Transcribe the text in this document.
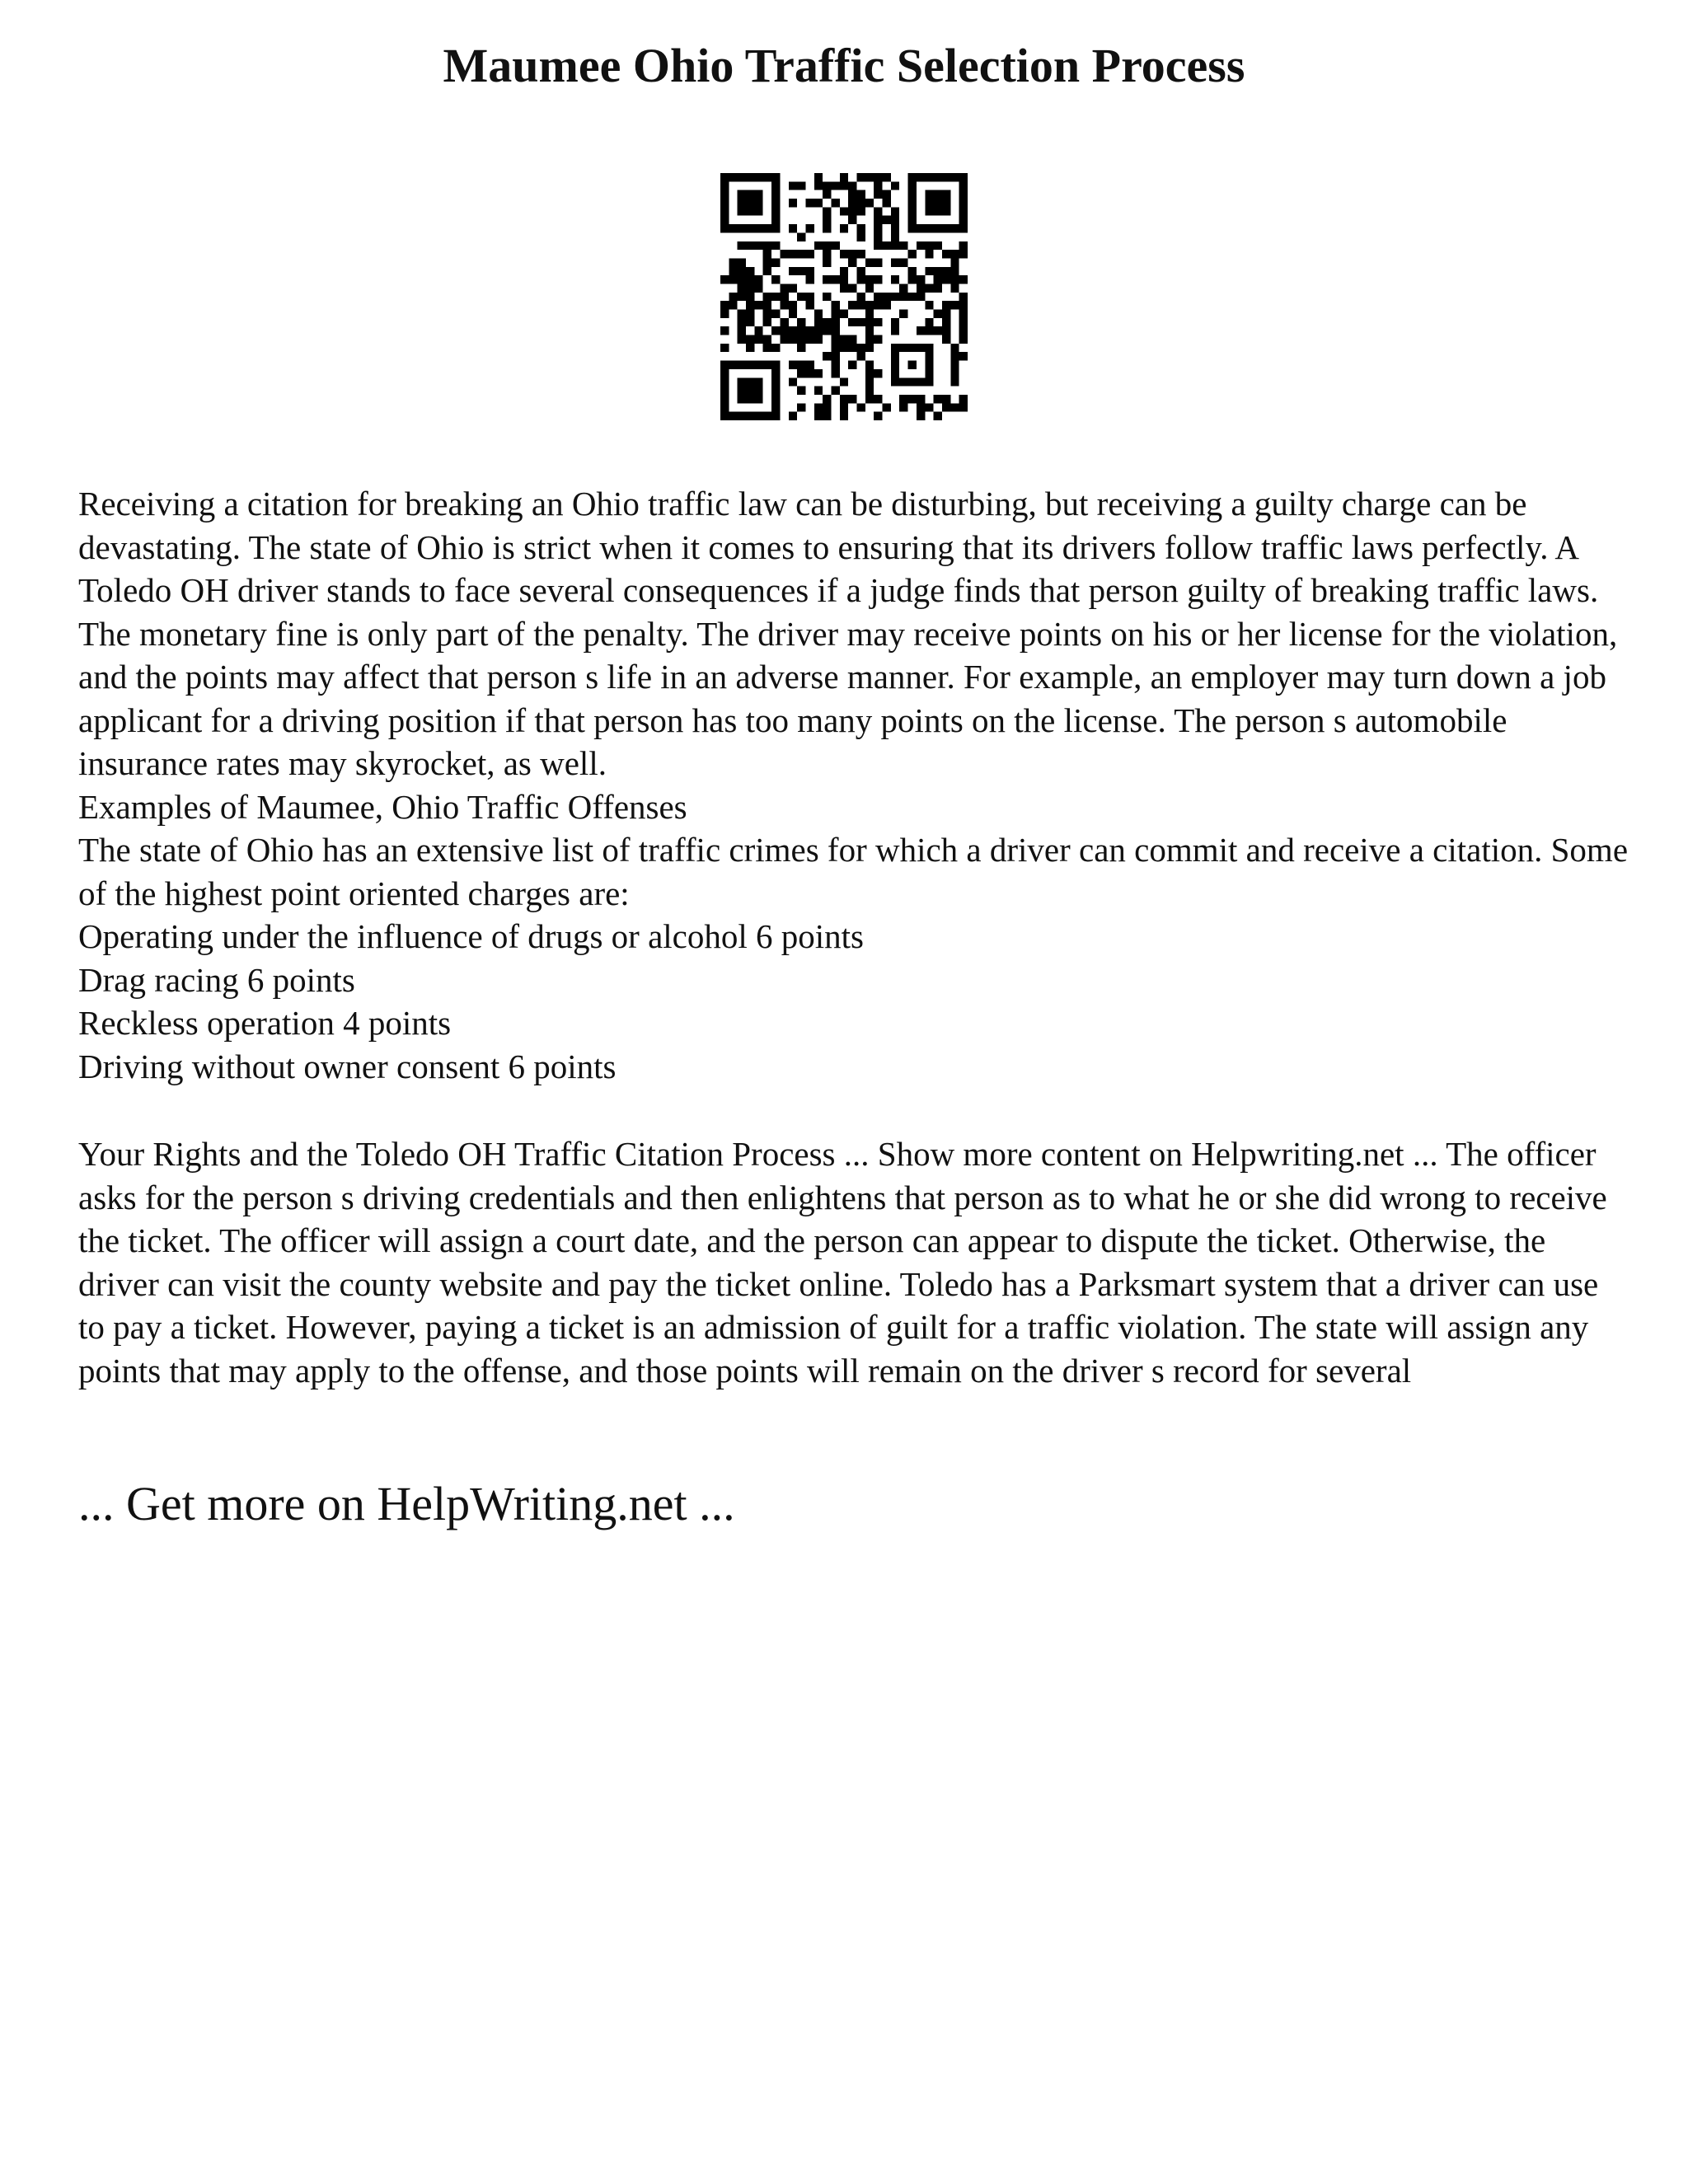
Maumee Ohio Traffic Selection Process

Receiving a citation for breaking an Ohio traffic law can be disturbing, but receiving a guilty charge can be devastating. The state of Ohio is strict when it comes to ensuring that its drivers follow traffic laws perfectly. A Toledo OH driver stands to face several consequences if a judge finds that person guilty of breaking traffic laws. The monetary fine is only part of the penalty. The driver may receive points on his or her license for the violation, and the points may affect that person s life in an adverse manner. For example, an employer may turn down a job applicant for a driving position if that person has too many points on the license. The person s automobile insurance rates may skyrocket, as well.

Examples of Maumee, Ohio Traffic Offenses

The state of Ohio has an extensive list of traffic crimes for which a driver can commit and receive a citation. Some of the highest point oriented charges are:

Operating under the influence of drugs or alcohol 6 points
Drag racing 6 points
Reckless operation 4 points
Driving without owner consent 6 points

Your Rights and the Toledo OH Traffic Citation Process ... Show more content on Helpwriting.net ... The officer asks for the person s driving credentials and then enlightens that person as to what he or she did wrong to receive the ticket. The officer will assign a court date, and the person can appear to dispute the ticket. Otherwise, the driver can visit the county website and pay the ticket online. Toledo has a Parksmart system that a driver can use to pay a ticket. However, paying a ticket is an admission of guilt for a traffic violation. The state will assign any points that may apply to the offense, and those points will remain on the driver s record for several

... Get more on HelpWriting.net ...
